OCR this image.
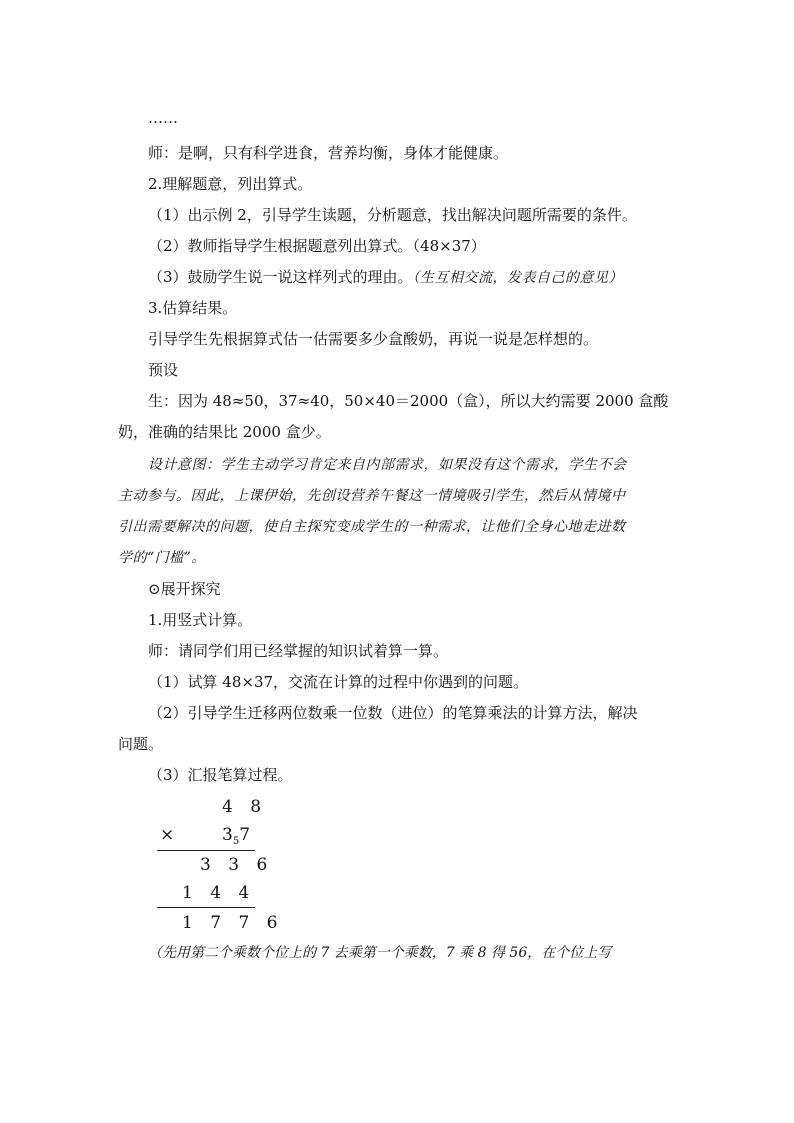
……
师：是啊，只有科学进食，营养均衡，身体才能健康。
2.理解题意，列出算式。
（1）出示例 2，引导学生读题，分析题意，找出解决问题所需要的条件。
（2）教师指导学生根据题意列出算式。（48×37）
（3）鼓励学生说一说这样列式的理由。（生互相交流，发表自己的意见）
3.估算结果。
引导学生先根据算式估一估需要多少盒酸奶，再说一说是怎样想的。
预设
生：因为 48≈50，37≈40，50×40＝2000（盒），所以大约需要 2000 盒酸
奶，准确的结果比 2000 盒少。
设计意图：学生主动学习肯定来自内部需求，如果没有这个需求，学生不会
主动参与。因此，上课伊始，先创设营养午餐这一情境吸引学生，然后从情境中
引出需要解决的问题，使自主探究变成学生的一种需求，让他们全身心地走进数
学的“门槛”。
⊙展开探究
1.用竖式计算。
师：请同学们用已经掌握的知识试着算一算。
（1）试算 48×37，交流在计算的过程中你遇到的问题。
（2）引导学生迁移两位数乘一位数（进位）的笔算乘法的计算方法，解决
问题。
（3）汇报笔算过程。
4 8
× $3_57$
3 3 6
1 4 4
1 7 7 6
（先用第二个乘数个位上的 7 去乘第一个乘数，7 乘 8 得 56，在个位上写
